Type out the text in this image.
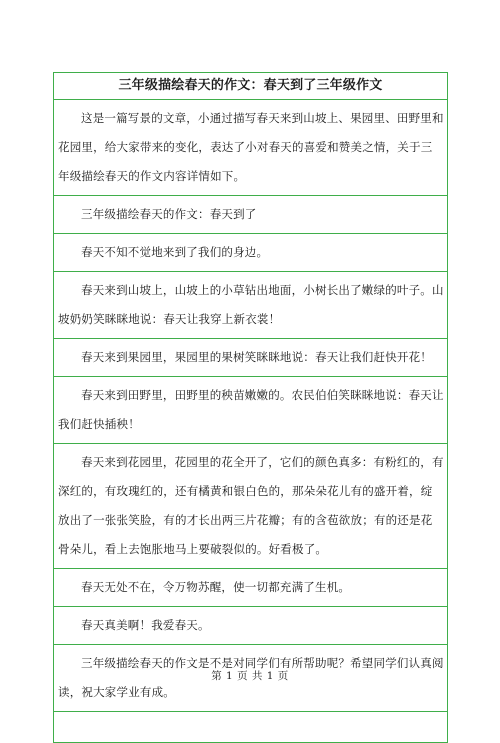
三年级描绘春天的作文：春天到了三年级作文
这是一篇写景的文章，小通过描写春天来到山坡上、果园里、田野里和花园里，给大家带来的变化，表达了小对春天的喜爱和赞美之情，关于三年级描绘春天的作文内容详情如下。
三年级描绘春天的作文：春天到了
春天不知不觉地来到了我们的身边。
春天来到山坡上，山坡上的小草钻出地面，小树长出了嫩绿的叶子。山坡奶奶笑眯眯地说：春天让我穿上新衣裳！
春天来到果园里，果园里的果树笑眯眯地说：春天让我们赶快开花！
春天来到田野里，田野里的秧苗嫩嫩的。农民伯伯笑眯眯地说：春天让我们赶快插秧！
春天来到花园里，花园里的花全开了，它们的颜色真多：有粉红的，有深红的，有玫瑰红的，还有橘黄和银白色的，那朵朵花儿有的盛开着，绽放出了一张张笑脸，有的才长出两三片花瓣；有的含苞欲放；有的还是花骨朵儿，看上去饱胀地马上要破裂似的。好看极了。
春天无处不在，令万物苏醒，使一切都充满了生机。
春天真美啊！我爱春天。
三年级描绘春天的作文是不是对同学们有所帮助呢？希望同学们认真阅读，祝大家学业有成。

第 1 页 共 1 页
